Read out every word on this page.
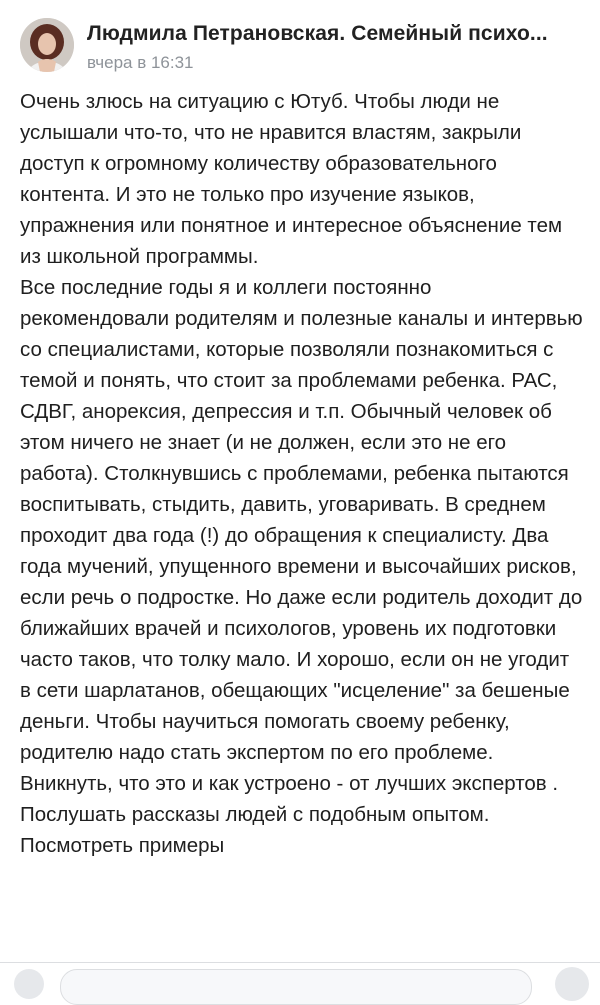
Людмила Петрановская. Семейный психо...
вчера в 16:31

Очень злюсь на ситуацию с Ютуб. Чтобы люди не услышали что-то, что не нравится властям, закрыли доступ к огромному количеству образовательного контента. И это не только про изучение языков, упражнения или понятное и интересное объяснение тем из школьной программы.

Все последние годы я и коллеги постоянно рекомендовали родителям и полезные каналы и интервью со специалистами, которые позволяли познакомиться с темой и понять, что стоит за проблемами ребенка. РАС, СДВГ, анорексия, депрессия и т.п. Обычный человек об этом ничего не знает (и не должен, если это не его работа). Столкнувшись с проблемами, ребенка пытаются воспитывать, стыдить, давить, уговаривать. В среднем проходит два года (!) до обращения к специалисту. Два года мучений, упущенного времени и высочайших рисков, если речь о подростке. Но даже если родитель доходит до ближайших врачей и психологов, уровень их подготовки часто таков, что толку мало. И хорошо, если он не угодит в сети шарлатанов, обещающих "исцеление" за бешеные деньги. Чтобы научиться помогать своему ребенку, родителю надо стать экспертом по его проблеме. Вникнуть, что это и как устроено - от лучших экспертов . Послушать рассказы людей с подобным опытом. Посмотреть примеры
